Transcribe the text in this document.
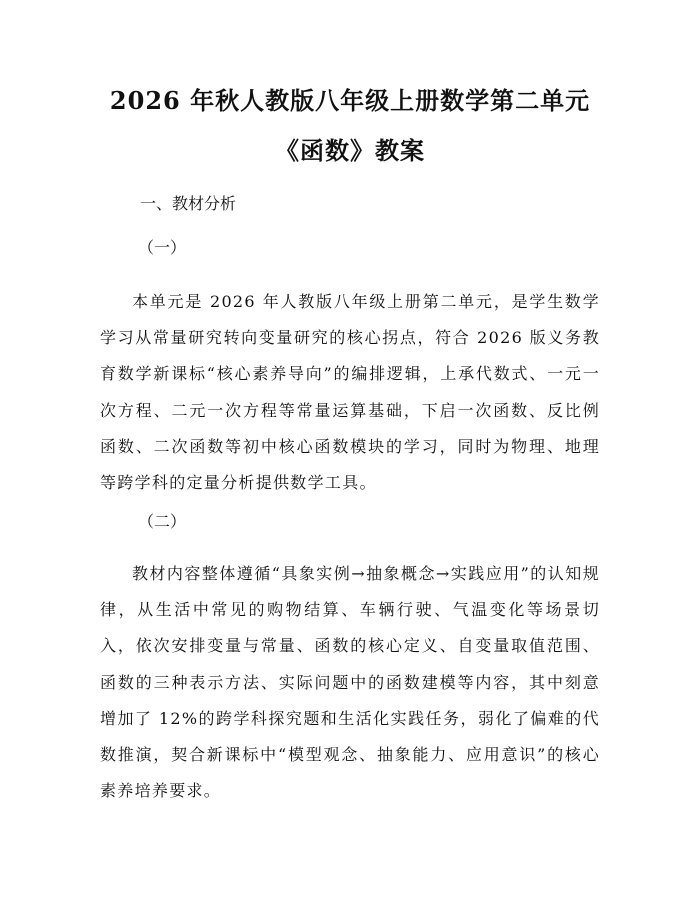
2026 年秋人教版八年级上册数学第二单元
《函数》教案
一、教材分析
（一）
本单元是 2026 年人教版八年级上册第二单元，是学生数学学习从常量研究转向变量研究的核心拐点，符合 2026 版义务教育数学新课标“核心素养导向”的编排逻辑，上承代数式、一元一次方程、二元一次方程等常量运算基础，下启一次函数、反比例函数、二次函数等初中核心函数模块的学习，同时为物理、地理等跨学科的定量分析提供数学工具。
（二）
教材内容整体遵循“具象实例→抽象概念→实践应用”的认知规律，从生活中常见的购物结算、车辆行驶、气温变化等场景切入，依次安排变量与常量、函数的核心定义、自变量取值范围、函数的三种表示方法、实际问题中的函数建模等内容，其中刻意增加了 12%的跨学科探究题和生活化实践任务，弱化了偏难的代数推演，契合新课标中“模型观念、抽象能力、应用意识”的核心素养培养要求。
